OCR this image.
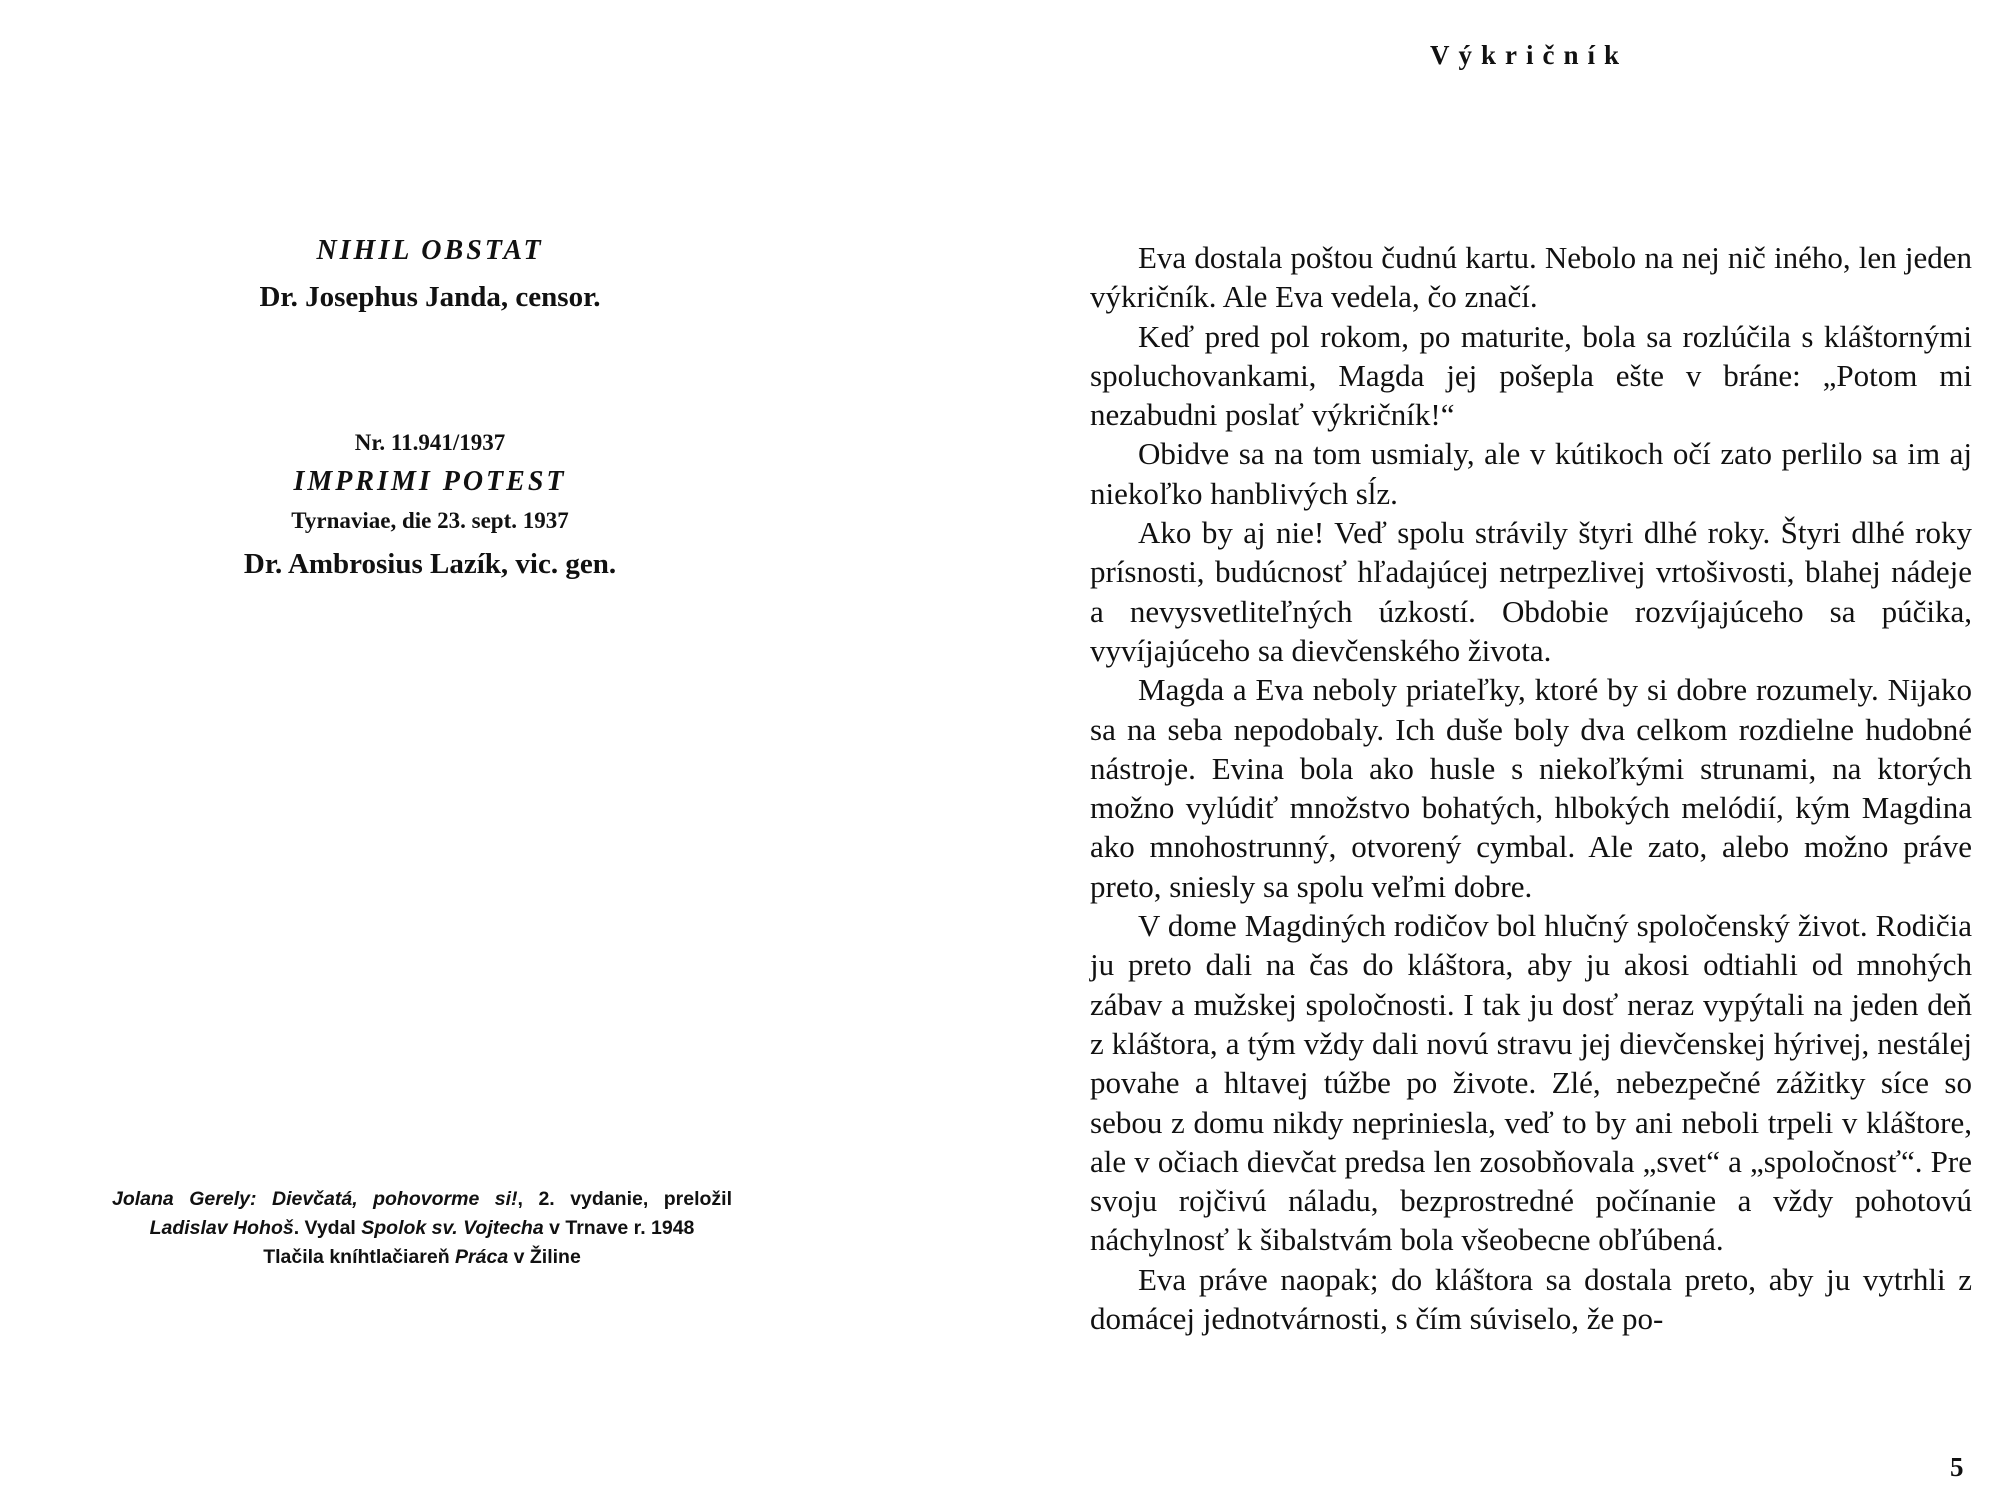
NIHIL OBSTAT
Dr. Josephus Janda, censor.
Nr. 11.941/1937
IMPRIMI POTEST
Tyrnaviae, die 23. sept. 1937
Dr. Ambrosius Lazík, vic. gen.
Jolana Gerely: Dievčatá, pohovorme si!, 2. vydanie, preložil Ladislav Hohoš. Vydal Spolok sv. Vojtecha v Trnave r. 1948
Tlačila kníhtlačiareň Práca v Žiline
Výkričník

Eva dostala poštou čudnú kartu. Nebolo na nej nič iného, len jeden výkričník. Ale Eva vedela, čo značí.

Keď pred pol rokom, po maturite, bola sa rozlúčila s kláštornými spoluchovankami, Magda jej pošepla ešte v bráne: „Potom mi nezabudni poslať výkričník!“

Obidve sa na tom usmialy, ale v kútikoch očí zato perlilo sa im aj niekoľko hanblivých sĺz.

Ako by aj nie! Veď spolu strávily štyri dlhé roky. Štyri dlhé roky prísnosti, budúcnosť hľadajúcej netrpezlivej vrtošivosti, blahej nádeje a nevysvetliteľných úzkostí. Obdobie rozvíjajúceho sa púčika, vyvíjajúceho sa dievčenského života.

Magda a Eva neboly priateľky, ktoré by si dobre rozumely. Nijako sa na seba nepodobaly. Ich duše boly dva celkom rozdielne hudobné nástroje. Evina bola ako husle s niekoľkými strunami, na ktorých možno vylúdiť množstvo bohatých, hlbokých melódií, kým Magdina ako mnohostrunný, otvorený cymbal. Ale zato, alebo možno práve preto, sniesly sa spolu veľmi dobre.

V dome Magdiných rodičov bol hlučný spoločenský život. Rodičia ju preto dali na čas do kláštora, aby ju akosi odtiahli od mnohých zábav a mužskej spoločnosti. I tak ju dosť neraz vypýtali na jeden deň z kláštora, a tým vždy dali novú stravu jej dievčenskej hýrivej, nestálej povahe a hltavej túžbe po živote. Zlé, nebezpečné zážitky síce so sebou z domu nikdy nepriniesla, veď to by ani neboli trpeli v kláštore, ale v očiach dievčat predsa len zosobňovala „svet“ a „spoločnosť“. Pre svoju rojčivú náladu, bezprostredné počínanie a vždy pohotovú náchylnosť k šibalstvám bola všeobecne obľúbená.

Eva práve naopak; do kláštora sa dostala preto, aby ju vytrhli z domácej jednotvárnosti, s čím súviselo, že po-

5
